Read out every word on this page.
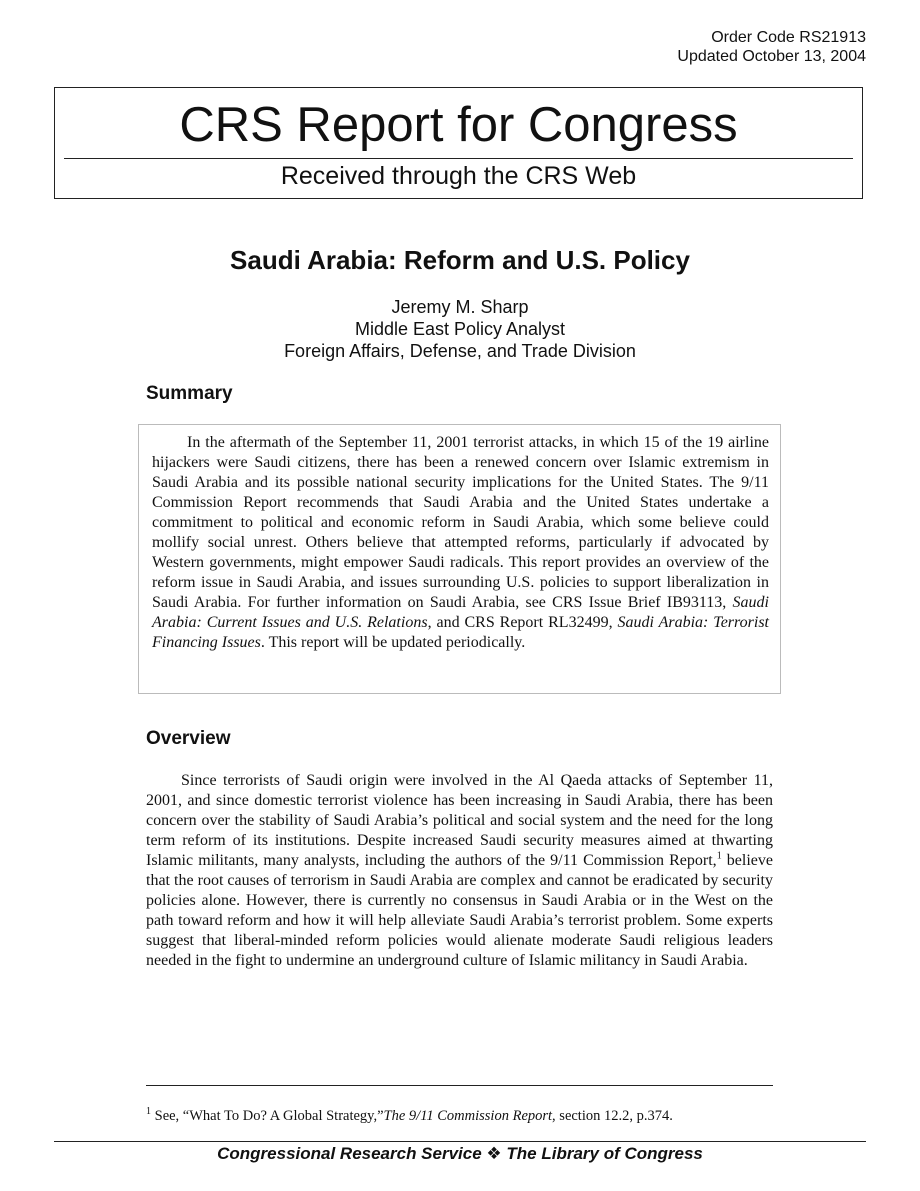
Order Code RS21913
Updated October 13, 2004
CRS Report for Congress
Received through the CRS Web
Saudi Arabia: Reform and U.S. Policy
Jeremy M. Sharp
Middle East Policy Analyst
Foreign Affairs, Defense, and Trade Division
Summary

In the aftermath of the September 11, 2001 terrorist attacks, in which 15 of the 19 airline hijackers were Saudi citizens, there has been a renewed concern over Islamic extremism in Saudi Arabia and its possible national security implications for the United States. The 9/11 Commission Report recommends that Saudi Arabia and the United States undertake a commitment to political and economic reform in Saudi Arabia, which some believe could mollify social unrest. Others believe that attempted reforms, particularly if advocated by Western governments, might empower Saudi radicals. This report provides an overview of the reform issue in Saudi Arabia, and issues surrounding U.S. policies to support liberalization in Saudi Arabia. For further information on Saudi Arabia, see CRS Issue Brief IB93113, Saudi Arabia: Current Issues and U.S. Relations, and CRS Report RL32499, Saudi Arabia: Terrorist Financing Issues. This report will be updated periodically.

Overview

Since terrorists of Saudi origin were involved in the Al Qaeda attacks of September 11, 2001, and since domestic terrorist violence has been increasing in Saudi Arabia, there has been concern over the stability of Saudi Arabia’s political and social system and the need for the long term reform of its institutions. Despite increased Saudi security measures aimed at thwarting Islamic militants, many analysts, including the authors of the 9/11 Commission Report,$^1$ believe that the root causes of terrorism in Saudi Arabia are complex and cannot be eradicated by security policies alone. However, there is currently no consensus in Saudi Arabia or in the West on the path toward reform and how it will help alleviate Saudi Arabia’s terrorist problem. Some experts suggest that liberal-minded reform policies would alienate moderate Saudi religious leaders needed in the fight to undermine an underground culture of Islamic militancy in Saudi Arabia.

$^1$ See, “What To Do? A Global Strategy,”The 9/11 Commission Report, section 12.2, p.374.
Congressional Research Service ❖ The Library of Congress
